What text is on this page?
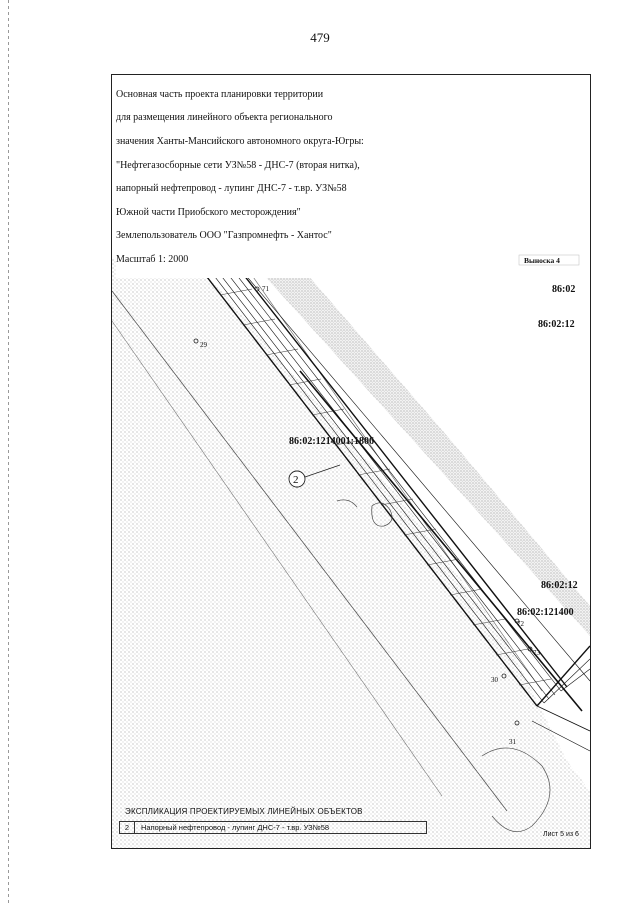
479

Основная часть проекта планировки территории

для размещения линейного объекта регионального

значения Ханты-Мансийского автономного округа-Югры:

"Нефтегазосборные сети УЗ№58 - ДНС-7 (вторая нитка),

напорный нефтепровод - лупинг ДНС-7 - т.вр. УЗ№58

Южной части Приобского месторождения"

Землепользователь ООО "Газпромнефть - Хантос"

Масштаб 1: 2000

2
Выноска 4
86:02
86:02:12
86:02:1214001:1806
86:02:12
86:02:121400
71
29
72
73
30
31
ЭКСПЛИКАЦИЯ ПРОЕКТИРУЕМЫХ ЛИНЕЙНЫХ ОБЪЕКТОВ
2	Напорный нефтепровод - лупинг ДНС-7 - т.вр. УЗ№58
Лист 5 из 6
